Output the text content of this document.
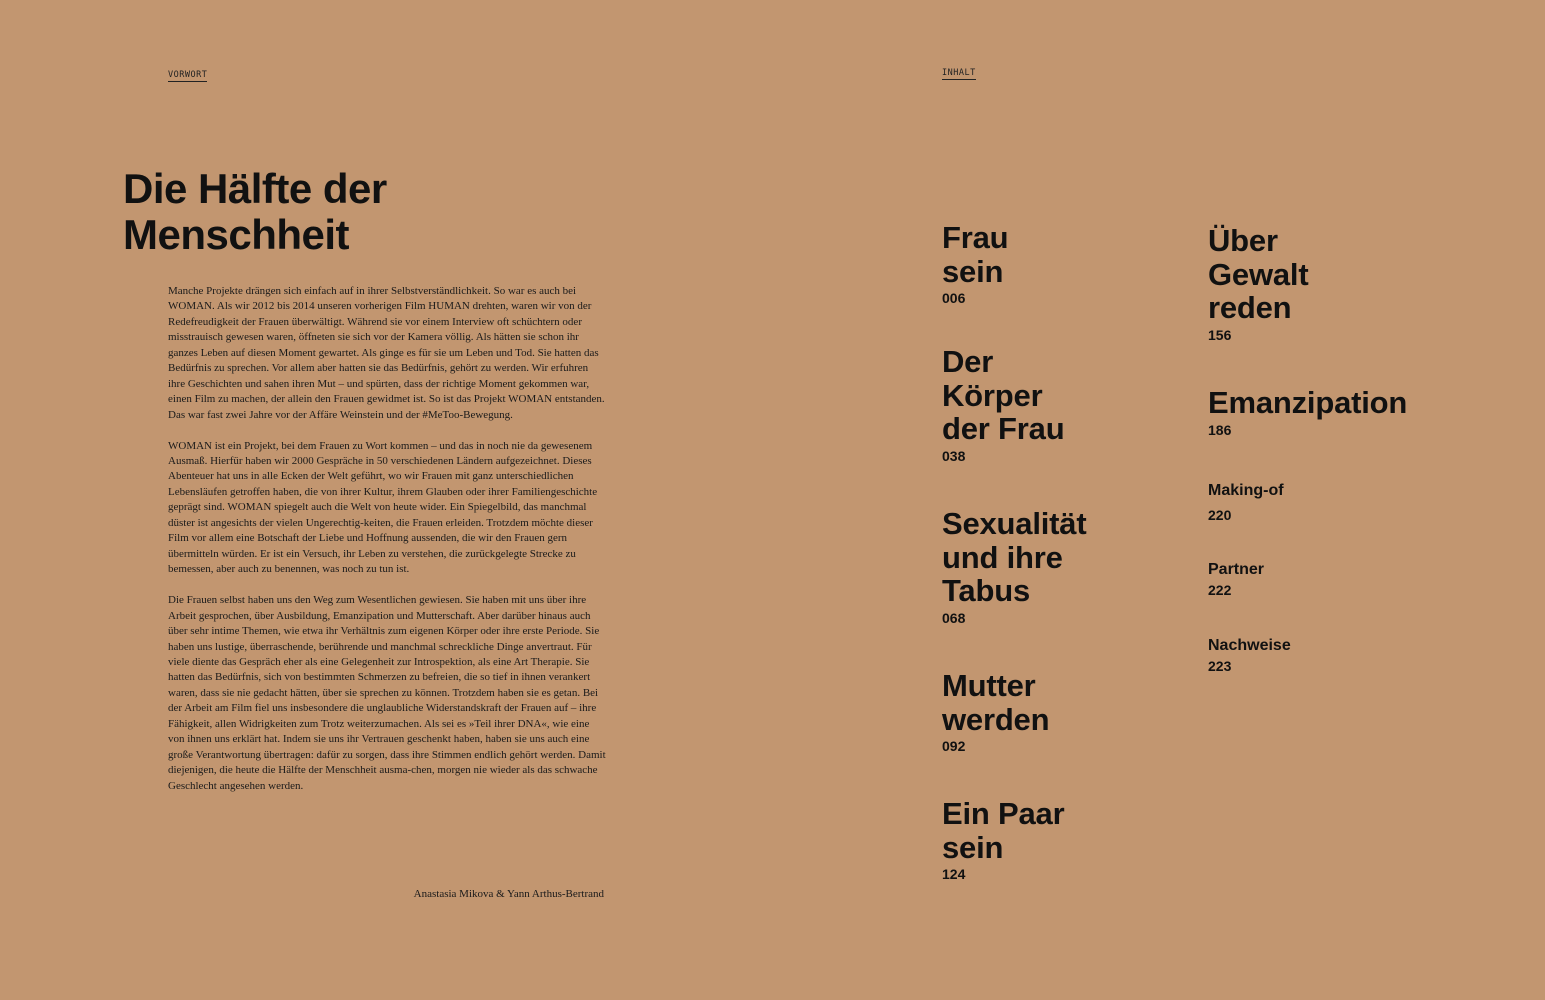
VORWORT
Die Hälfte der
Menschheit

Manche Projekte drängen sich einfach auf in ihrer Selbstverständlichkeit. So war es auch bei WOMAN. Als wir 2012 bis 2014 unseren vorherigen Film HUMAN drehten, waren wir von der Redefreudigkeit der Frauen überwältigt. Während sie vor einem Interview oft schüchtern oder misstrauisch gewesen waren, öffneten sie sich vor der Kamera völlig. Als hätten sie schon ihr ganzes Leben auf diesen Moment gewartet. Als ginge es für sie um Leben und Tod. Sie hatten das Bedürfnis zu sprechen. Vor allem aber hatten sie das Bedürfnis, gehört zu werden. Wir erfuhren ihre Geschichten und sahen ihren Mut – und spürten, dass der richtige Moment gekommen war, einen Film zu machen, der allein den Frauen gewidmet ist. So ist das Projekt WOMAN entstanden. Das war fast zwei Jahre vor der Affäre Weinstein und der #MeToo-Bewegung.

WOMAN ist ein Projekt, bei dem Frauen zu Wort kommen – und das in noch nie da gewesenem Ausmaß. Hierfür haben wir 2000 Gespräche in 50 verschiedenen Ländern aufgezeichnet. Dieses Abenteuer hat uns in alle Ecken der Welt geführt, wo wir Frauen mit ganz unterschiedlichen Lebensläufen getroffen haben, die von ihrer Kultur, ihrem Glauben oder ihrer Familiengeschichte geprägt sind. WOMAN spiegelt auch die Welt von heute wider. Ein Spiegelbild, das manchmal düster ist angesichts der vielen Ungerechtig-keiten, die Frauen erleiden. Trotzdem möchte dieser Film vor allem eine Botschaft der Liebe und Hoffnung aussenden, die wir den Frauen gern übermitteln würden. Er ist ein Versuch, ihr Leben zu verstehen, die zurückgelegte Strecke zu bemessen, aber auch zu benennen, was noch zu tun ist.

Die Frauen selbst haben uns den Weg zum Wesentlichen gewiesen. Sie haben mit uns über ihre Arbeit gesprochen, über Ausbildung, Emanzipation und Mutterschaft. Aber darüber hinaus auch über sehr intime Themen, wie etwa ihr Verhältnis zum eigenen Körper oder ihre erste Periode. Sie haben uns lustige, überraschende, berührende und manchmal schreckliche Dinge anvertraut. Für viele diente das Gespräch eher als eine Gelegenheit zur Introspektion, als eine Art Therapie. Sie hatten das Bedürfnis, sich von bestimmten Schmerzen zu befreien, die so tief in ihnen verankert waren, dass sie nie gedacht hätten, über sie sprechen zu können. Trotzdem haben sie es getan. Bei der Arbeit am Film fiel uns insbesondere die unglaubliche Widerstandskraft der Frauen auf – ihre Fähigkeit, allen Widrigkeiten zum Trotz weiterzumachen. Als sei es »Teil ihrer DNA«, wie eine von ihnen uns erklärt hat. Indem sie uns ihr Vertrauen geschenkt haben, haben sie uns auch eine große Verantwortung übertragen: dafür zu sorgen, dass ihre Stimmen endlich gehört werden. Damit diejenigen, die heute die Hälfte der Menschheit ausma-chen, morgen nie wieder als das schwache Geschlecht angesehen werden.

Anastasia Mikova & Yann Arthus-Bertrand
INHALT
Frau
sein
006
Der
Körper
der Frau
038
Sexualität
und ihre
Tabus
068
Mutter
werden
092
Ein Paar
sein
124
Über
Gewalt
reden
156
Emanzipation
186
Making-of
220
Partner
222
Nachweise
223
